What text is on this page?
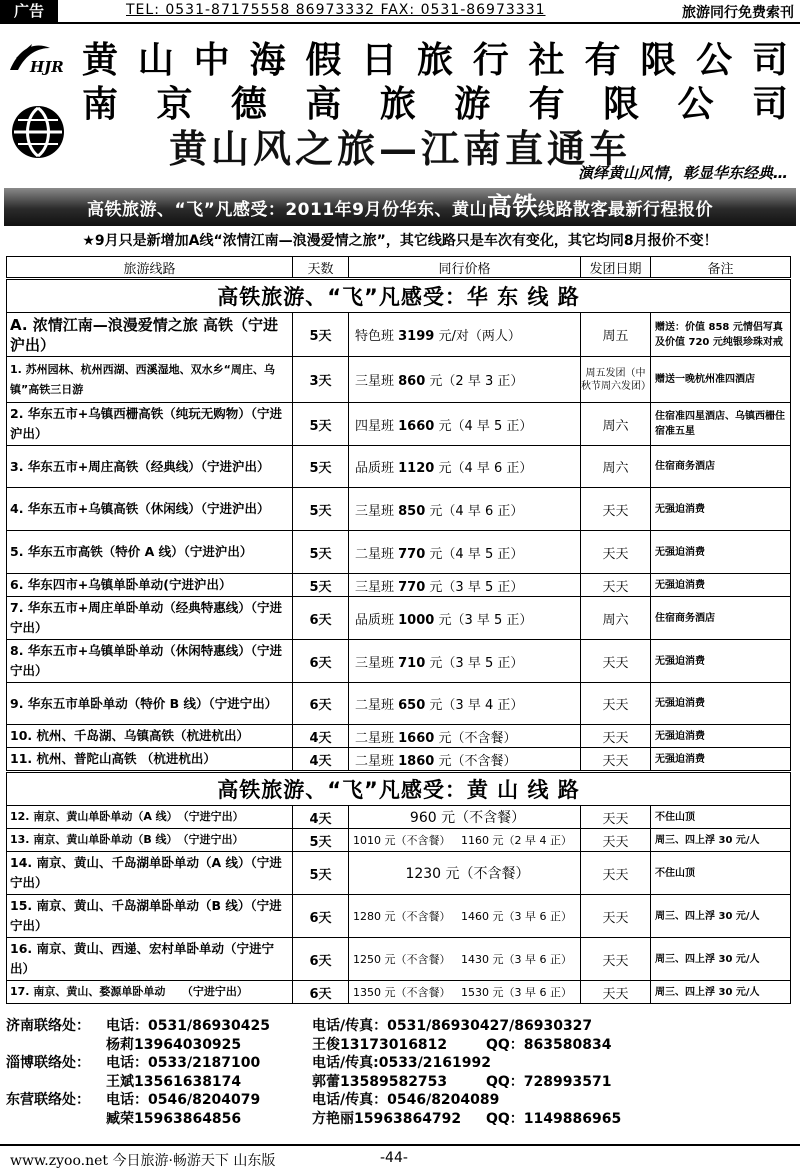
广告	TEL: 0531-87175558 86973332 FAX: 0531-86973331	旅游同行免费索刊
HJR 黄 山 中 海 假 日 旅 行 社 有 限 公 司
南 京 德 高 旅 游 有 限 公 司
黄山风之旅—江南直通车
演绎黄山风情，彰显华东经典…
高铁旅游、“飞”凡感受：2011年9月份华东、黄山高铁线路散客最新行程报价
★9月只是新增加A线“浓情江南—浪漫爱情之旅”，其它线路只是车次有变化，其它均同8月报价不变！
旅游线路	天数	同行价格	发团日期	备注
高铁旅游、“飞”凡感受：华 东 线 路				
A. 浓情江南—浪漫爱情之旅 高铁（宁进沪出）	5天	特色班 3199 元/对（两人）	周五	赠送：价值 858 元情侣写真及价值 720 元纯银珍珠对戒
1. 苏州园林、杭州西湖、西溪湿地、双水乡“周庄、乌镇”高铁三日游	3天	三星班 860 元（2 早 3 正）	周五发团（中秋节周六发团）	赠送一晚杭州准四酒店
2. 华东五市+乌镇西栅高铁（纯玩无购物）（宁进沪出）	5天	四星班 1660 元（4 早 5 正）	周六	住宿准四星酒店、乌镇西栅住宿准五星
3. 华东五市+周庄高铁（经典线）（宁进沪出）	5天	品质班 1120 元（4 早 6 正）	周六	住宿商务酒店
4. 华东五市+乌镇高铁（休闲线）（宁进沪出）	5天	三星班 850 元（4 早 6 正）	天天	无强迫消费
5. 华东五市高铁（特价 A 线）（宁进沪出）	5天	二星班 770 元（4 早 5 正）	天天	无强迫消费
6. 华东四市+乌镇单卧单动(宁进沪出）	5天	三星班 770 元（3 早 5 正）	天天	无强迫消费
7. 华东五市+周庄单卧单动（经典特惠线）（宁进宁出）	6天	品质班 1000 元（3 早 5 正）	周六	住宿商务酒店
8. 华东五市+乌镇单卧单动（休闲特惠线）（宁进宁出）	6天	三星班 710 元（3 早 5 正）	天天	无强迫消费
9. 华东五市单卧单动（特价 B 线）（宁进宁出）	6天	二星班 650 元（3 早 4 正）	天天	无强迫消费
10. 杭州、千岛湖、乌镇高铁（杭进杭出）	4天	二星班 1660 元（不含餐）	天天	无强迫消费
11. 杭州、普陀山高铁 （杭进杭出）	4天	二星班 1860 元（不含餐）	天天	无强迫消费
高铁旅游、“飞”凡感受：黄 山 线 路				
12. 南京、黄山单卧单动（A 线）　（宁进宁出）	4天	960 元（不含餐）	天天	不住山顶
13. 南京、黄山单卧单动（B 线）　（宁进宁出）	5天	1010 元（不含餐） 1160 元（2 早 4 正）	天天	周三、四上浮 30 元/人
14. 南京、黄山、千岛湖单卧单动（A 线）（宁进宁出）	5天	1230 元（不含餐）	天天	不住山顶
15. 南京、黄山、千岛湖单卧单动（B 线）（宁进宁出）	6天	1280 元（不含餐） 1460 元（3 早 6 正）	天天	周三、四上浮 30 元/人
16. 南京、黄山、西递、宏村单卧单动（宁进宁出）	6天	1250 元（不含餐） 1430 元（3 早 6 正）	天天	周三、四上浮 30 元/人
17. 南京、黄山、婺源单卧单动　　（宁进宁出）	6天	1350 元（不含餐） 1530 元（3 早 6 正）	天天	周三、四上浮 30 元/人
济南联络处： 电话：0531/86930425	电话/传真：0531/86930427/86930327
杨莉13964030925	王俊13173016812	QQ：863580834
淄博联络处： 电话：0533/2187100	电话/传真:0533/2161992
王斌13561638174	郭蕾13589582753	QQ：728993571
东营联络处： 电话：0546/8204079	电话/传真：0546/8204089
臧荣15963864856	方艳丽15963864792 QQ：1149886965
www.zyoo.net 今日旅游·畅游天下 山东版	-44-
